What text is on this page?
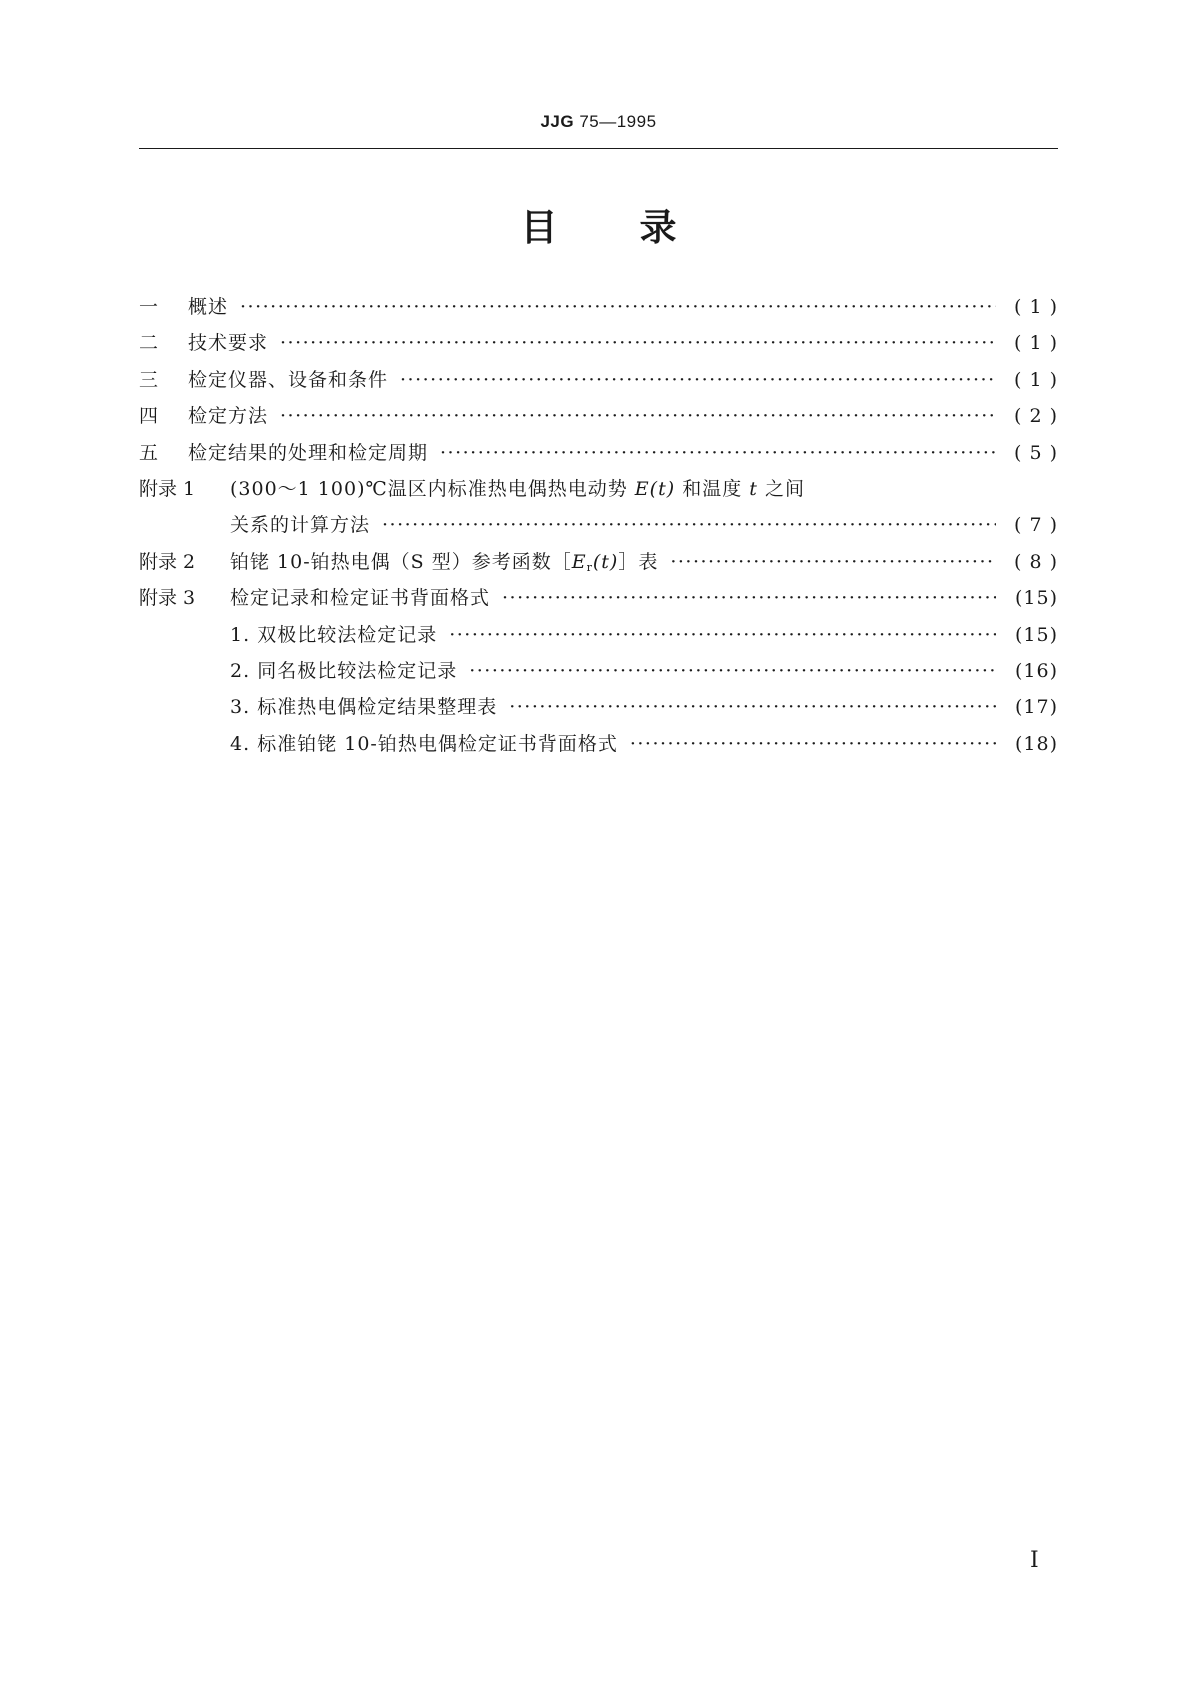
JJG 75—1995
目 录
一	概述 ·····	( 1 )
二	技术要求 ·····	( 1 )
三	检定仪器、设备和条件 ·····	( 1 )
四	检定方法 ·····	( 2 )
五	检定结果的处理和检定周期 ·····	( 5 )
附录 1	(300～1 100)℃温区内标准热电偶热电动势 E(t) 和温度 t 之间
关系的计算方法 ·····	( 7 )
附录 2	铂铑 10-铂热电偶（S 型）参考函数［Er(t)］表 ·····	( 8 )
附录 3	检定记录和检定证书背面格式 ·····	(15)
1. 双极比较法检定记录 ·····	(15)
2. 同名极比较法检定记录 ·····	(16)
3. 标准热电偶检定结果整理表 ·····	(17)
4. 标准铂铑 10-铂热电偶检定证书背面格式 ·····	(18)
I
